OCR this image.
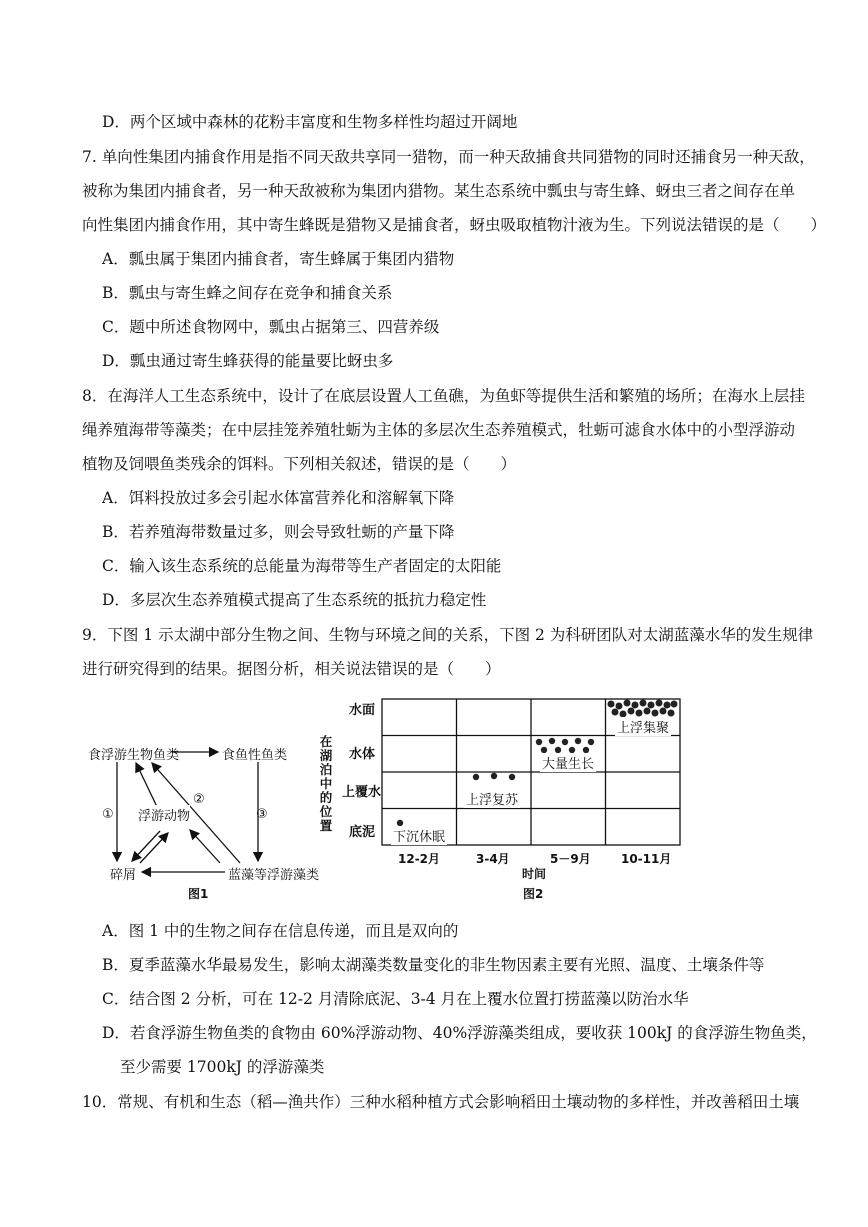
D．两个区域中森林的花粉丰富度和生物多样性均超过开阔地
7. 单向性集团内捕食作用是指不同天敌共享同一猎物，而一种天敌捕食共同猎物的同时还捕食另一种天敌，
被称为集团内捕食者，另一种天敌被称为集团内猎物。某生态系统中瓢虫与寄生蜂、蚜虫三者之间存在单
向性集团内捕食作用，其中寄生蜂既是猎物又是捕食者，蚜虫吸取植物汁液为生。下列说法错误的是（　　）
A．瓢虫属于集团内捕食者，寄生蜂属于集团内猎物
B．瓢虫与寄生蜂之间存在竞争和捕食关系
C．题中所述食物网中，瓢虫占据第三、四营养级
D．瓢虫通过寄生蜂获得的能量要比蚜虫多
8．在海洋人工生态系统中，设计了在底层设置人工鱼礁，为鱼虾等提供生活和繁殖的场所；在海水上层挂
绳养殖海带等藻类；在中层挂笼养殖牡蛎为主体的多层次生态养殖模式，牡蛎可滤食水体中的小型浮游动
植物及饲喂鱼类残余的饵料。下列相关叙述，错误的是（　　）
A．饵料投放过多会引起水体富营养化和溶解氧下降
B．若养殖海带数量过多，则会导致牡蛎的产量下降
C．输入该生态系统的总能量为海带等生产者固定的太阳能
D．多层次生态养殖模式提高了生态系统的抵抗力稳定性
9．下图 1 示太湖中部分生物之间、生物与环境之间的关系，下图 2 为科研团队对太湖蓝藻水华的发生规律
进行研究得到的结果。据图分析，相关说法错误的是（　　）
食浮游生物鱼类	食鱼性鱼类
浮游动物
碎屑	蓝藻等浮游藻类
①
②
③
图1
在湖泊中的位置
水面
水体
上覆水
底泥 下沉休眠
上浮复苏
大量生长
上浮集聚
12-2月	3-4月	5－9月	10-11月
时间
图2
A．图 1 中的生物之间存在信息传递，而且是双向的
B．夏季蓝藻水华最易发生，影响太湖藻类数量变化的非生物因素主要有光照、温度、土壤条件等
C．结合图 2 分析，可在 12-2 月清除底泥、3-4 月在上覆水位置打捞蓝藻以防治水华
D．若食浮游生物鱼类的食物由 60%浮游动物、40%浮游藻类组成，要收获 100kJ 的食浮游生物鱼类，
至少需要 1700kJ 的浮游藻类
10．常规、有机和生态（稻—渔共作）三种水稻种植方式会影响稻田土壤动物的多样性，并改善稻田土壤
